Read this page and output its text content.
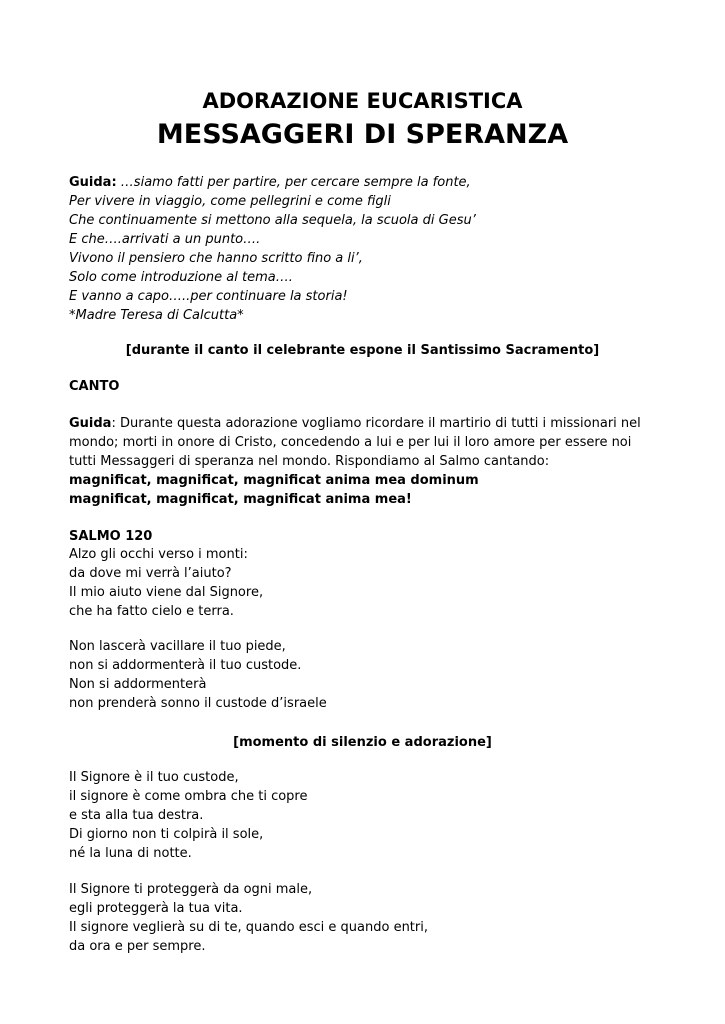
ADORAZIONE EUCARISTICA
MESSAGGERI DI SPERANZA
Guida: …siamo fatti per partire, per cercare sempre la fonte,
Per vivere in viaggio, come pellegrini e come figli
Che continuamente si mettono alla sequela, la scuola di Gesu’
E che….arrivati a un punto….
Vivono il pensiero che hanno scritto fino a li’,
Solo come introduzione al tema….
E vanno a capo…..per continuare la storia!
*Madre Teresa di Calcutta*

[durante il canto il celebrante espone il Santissimo Sacramento]

CANTO

Guida: Durante questa adorazione vogliamo ricordare il martirio di tutti i missionari nel mondo; morti in onore di Cristo, concedendo a lui e per lui il loro amore per essere noi tutti Messaggeri di speranza nel mondo. Rispondiamo al Salmo cantando:

magnificat, magnificat, magnificat anima mea dominum
magnificat, magnificat, magnificat anima mea!

SALMO 120

Alzo gli occhi verso i monti:
da dove mi verrà l’aiuto?
Il mio aiuto viene dal Signore,
che ha fatto cielo e terra.
Non lascerà vacillare il tuo piede,
non si addormenterà il tuo custode.
Non si addormenterà
non prenderà sonno il custode d’israele

[momento di silenzio e adorazione]

Il Signore è il tuo custode,
il signore è come ombra che ti copre
e sta alla tua destra.
Di giorno non ti colpirà il sole,
né la luna di notte.
Il Signore ti proteggerà da ogni male,
egli proteggerà la tua vita.
Il signore veglierà su di te, quando esci e quando entri,
da ora e per sempre.
